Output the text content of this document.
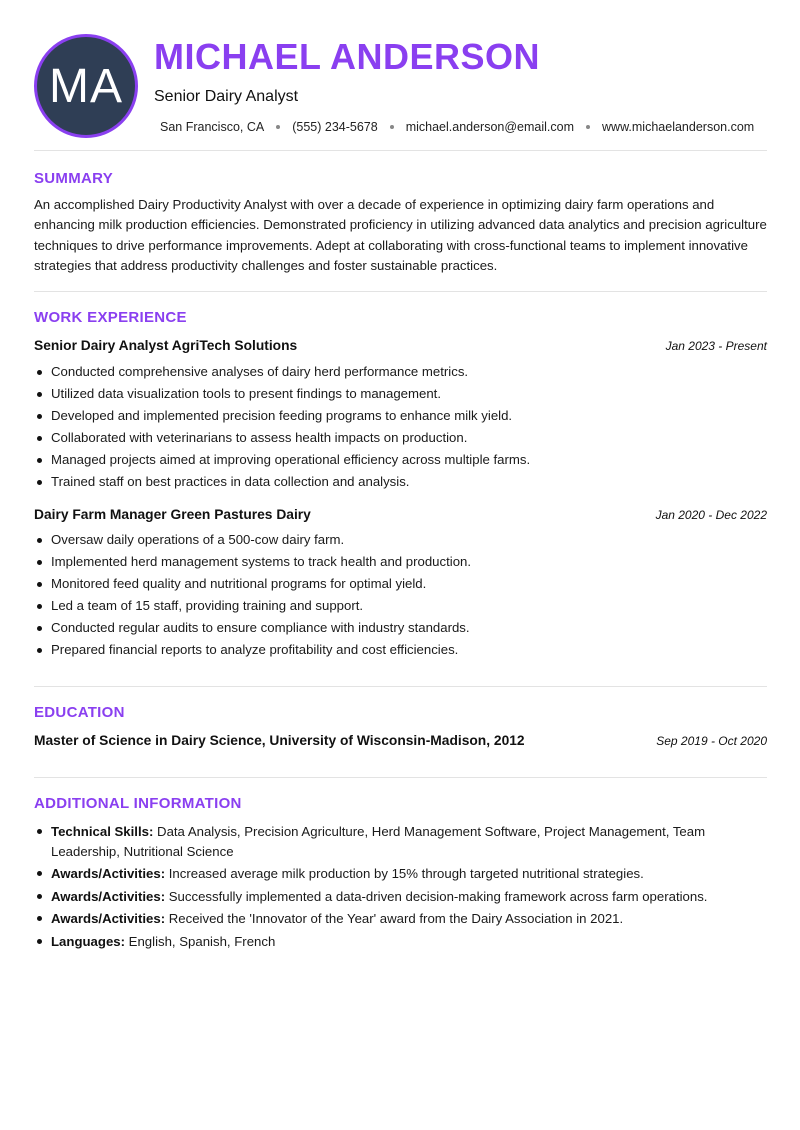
MA
MICHAEL ANDERSON
Senior Dairy Analyst
San Francisco, CA (555) 234-5678 michael.anderson@email.com www.michaelanderson.com
SUMMARY

An accomplished Dairy Productivity Analyst with over a decade of experience in optimizing dairy farm operations and enhancing milk production efficiencies. Demonstrated proficiency in utilizing advanced data analytics and precision agriculture techniques to drive performance improvements. Adept at collaborating with cross-functional teams to implement innovative strategies that address productivity challenges and foster sustainable practices.

WORK EXPERIENCE
Senior Dairy Analyst AgriTech Solutions	Jan 2023 - Present
Conducted comprehensive analyses of dairy herd performance metrics.
Utilized data visualization tools to present findings to management.
Developed and implemented precision feeding programs to enhance milk yield.
Collaborated with veterinarians to assess health impacts on production.
Managed projects aimed at improving operational efficiency across multiple farms.
Trained staff on best practices in data collection and analysis.
Dairy Farm Manager Green Pastures Dairy	Jan 2020 - Dec 2022
Oversaw daily operations of a 500-cow dairy farm.
Implemented herd management systems to track health and production.
Monitored feed quality and nutritional programs for optimal yield.
Led a team of 15 staff, providing training and support.
Conducted regular audits to ensure compliance with industry standards.
Prepared financial reports to analyze profitability and cost efficiencies.
EDUCATION
Master of Science in Dairy Science, University of Wisconsin-Madison, 2012	Sep 2019 - Oct 2020
ADDITIONAL INFORMATION
Technical Skills: Data Analysis, Precision Agriculture, Herd Management Software, Project Management, Team Leadership, Nutritional Science
Awards/Activities: Increased average milk production by 15% through targeted nutritional strategies.
Awards/Activities: Successfully implemented a data-driven decision-making framework across farm operations.
Awards/Activities: Received the 'Innovator of the Year' award from the Dairy Association in 2021.
Languages: English, Spanish, French
